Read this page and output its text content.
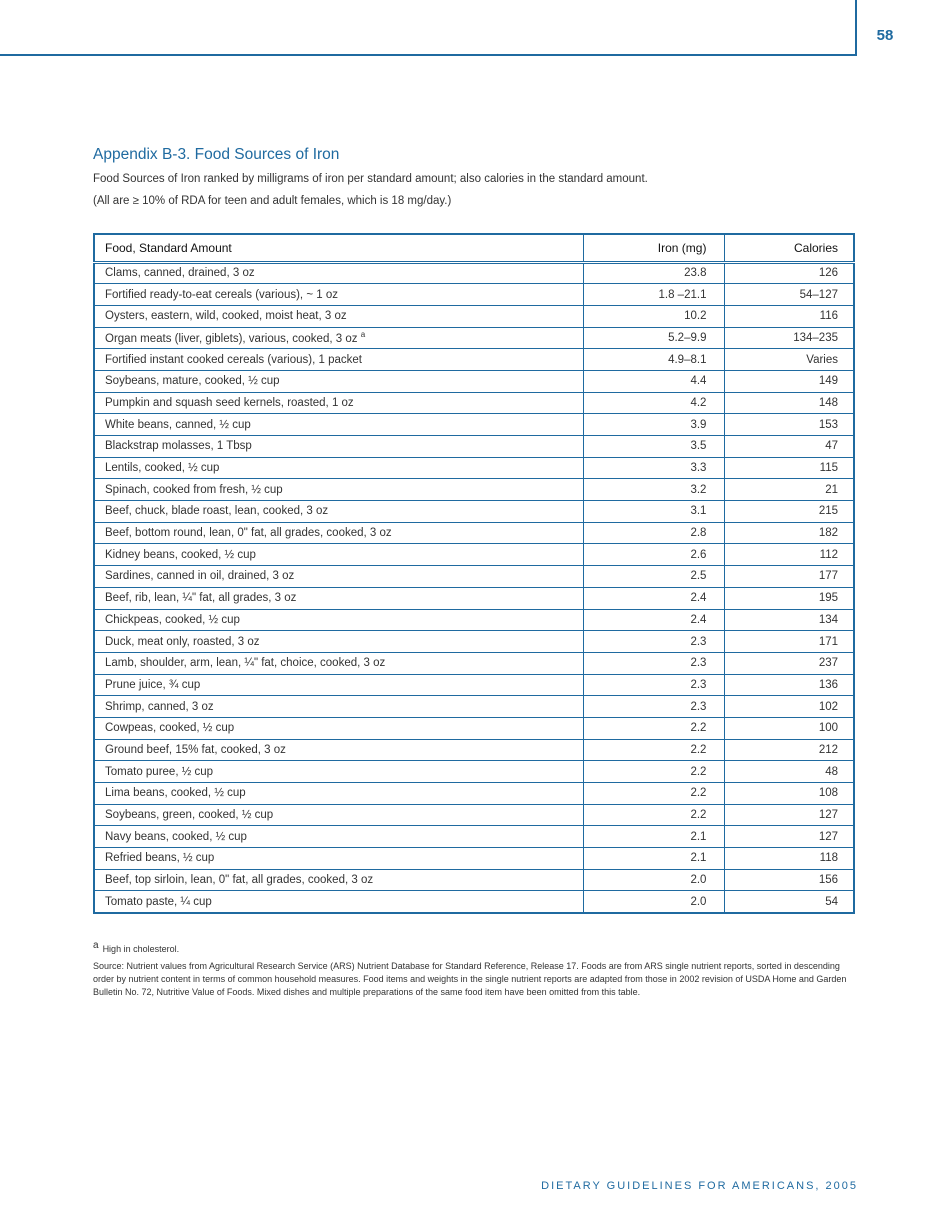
58
Appendix B-3. Food Sources of Iron

Food Sources of Iron ranked by milligrams of iron per standard amount; also calories in the standard amount.

(All are ≥ 10% of RDA for teen and adult females, which is 18 mg/day.)

Food, Standard Amount	Iron (mg)	Calories
Clams, canned, drained, 3 oz	23.8	126
Fortified ready-to-eat cereals (various), ~ 1 oz	1.8 –21.1	54–127
Oysters, eastern, wild, cooked, moist heat, 3 oz	10.2	116
Organ meats (liver, giblets), various, cooked, 3 oz $^a$	5.2–9.9	134–235
Fortified instant cooked cereals (various), 1 packet	4.9–8.1	Varies
Soybeans, mature, cooked, ½ cup	4.4	149
Pumpkin and squash seed kernels, roasted, 1 oz	4.2	148
White beans, canned, ½ cup	3.9	153
Blackstrap molasses, 1 Tbsp	3.5	47
Lentils, cooked, ½ cup	3.3	115
Spinach, cooked from fresh, ½ cup	3.2	21
Beef, chuck, blade roast, lean, cooked, 3 oz	3.1	215
Beef, bottom round, lean, 0" fat, all grades, cooked, 3 oz	2.8	182
Kidney beans, cooked, ½ cup	2.6	112
Sardines, canned in oil, drained, 3 oz	2.5	177
Beef, rib, lean, ¼" fat, all grades, 3 oz	2.4	195
Chickpeas, cooked, ½ cup	2.4	134
Duck, meat only, roasted, 3 oz	2.3	171
Lamb, shoulder, arm, lean, ¼" fat, choice, cooked, 3 oz	2.3	237
Prune juice, ¾ cup	2.3	136
Shrimp, canned, 3 oz	2.3	102
Cowpeas, cooked, ½ cup	2.2	100
Ground beef, 15% fat, cooked, 3 oz	2.2	212
Tomato puree, ½ cup	2.2	48
Lima beans, cooked, ½ cup	2.2	108
Soybeans, green, cooked, ½ cup	2.2	127
Navy beans, cooked, ½ cup	2.1	127
Refried beans, ½ cup	2.1	118
Beef, top sirloin, lean, 0" fat, all grades, cooked, 3 oz	2.0	156
Tomato paste, ¼ cup	2.0	54

$^a$ High in cholesterol.

Source: Nutrient values from Agricultural Research Service (ARS) Nutrient Database for Standard Reference, Release 17. Foods are from ARS single nutrient reports, sorted in descending order by nutrient content in terms of common household measures. Food items and weights in the single nutrient reports are adapted from those in 2002 revision of USDA Home and Garden Bulletin No. 72, Nutritive Value of Foods. Mixed dishes and multiple preparations of the same food item have been omitted from this table.

DIETARY GUIDELINES FOR AMERICANS, 2005
